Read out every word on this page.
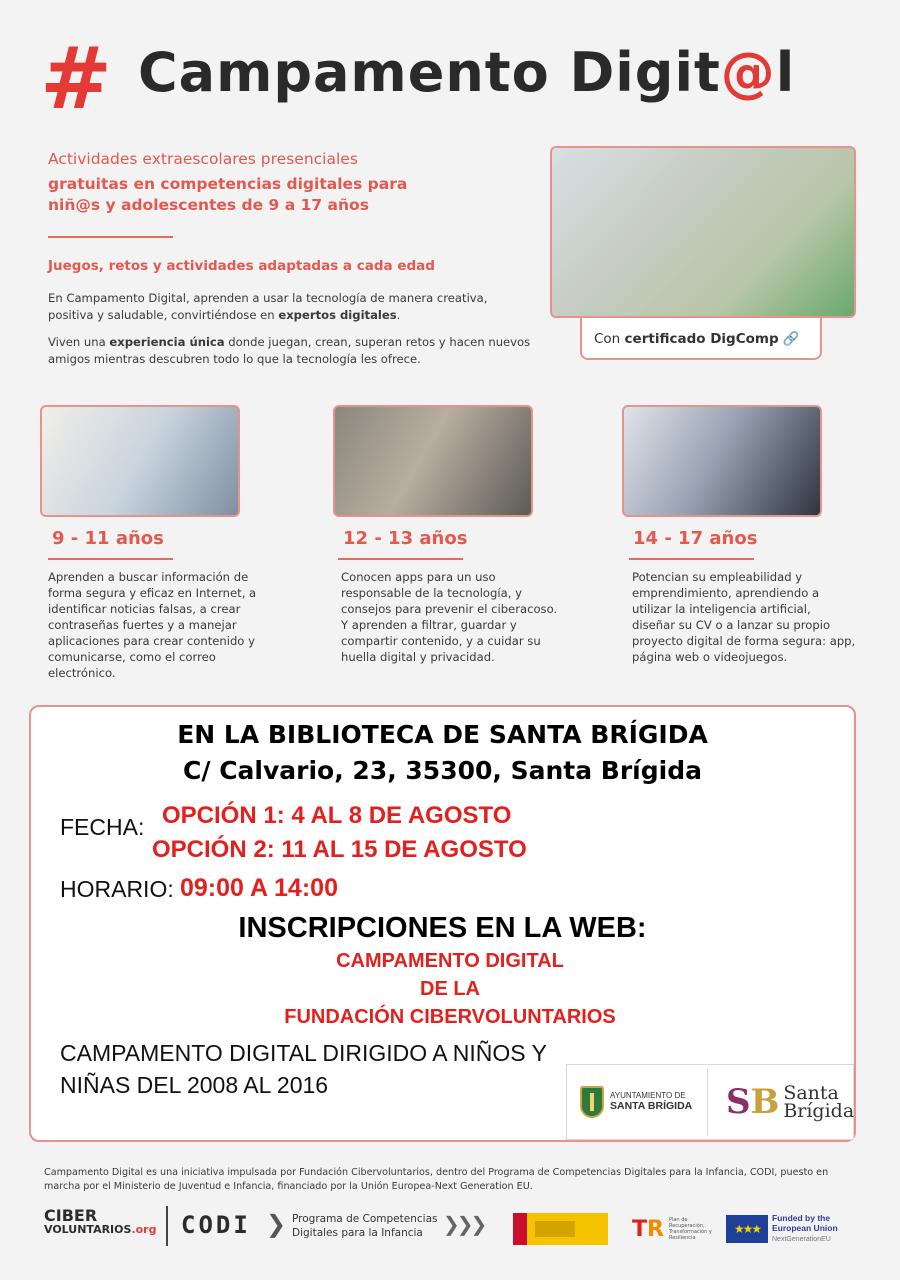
# Campamento Digit@l
Actividades extraescolares presenciales
gratuitas en competencias digitales para niñ@s y adolescentes de 9 a 17 años
Juegos, retos y actividades adaptadas a cada edad
En Campamento Digital, aprenden a usar la tecnología de manera creativa, positiva y saludable, convirtiéndose en expertos digitales.
Viven una experiencia única donde juegan, crean, superan retos y hacen nuevos amigos mientras descubren todo lo que la tecnología les ofrece.
Con certificado DigComp 🔗
9 - 11 años
Aprenden a buscar información de forma segura y eficaz en Internet, a identificar noticias falsas, a crear contraseñas fuertes y a manejar aplicaciones para crear contenido y comunicarse, como el correo electrónico.
12 - 13 años
Conocen apps para un uso responsable de la tecnología, y consejos para prevenir el ciberacoso. Y aprenden a filtrar, guardar y compartir contenido, y a cuidar su huella digital y privacidad.
14 - 17 años
Potencian su empleabilidad y emprendimiento, aprendiendo a utilizar la inteligencia artificial, diseñar su CV o a lanzar su propio proyecto digital de forma segura: app, página web o videojuegos.
EN LA BIBLIOTECA DE SANTA BRÍGIDA
C/ Calvario, 23, 35300, Santa Brígida
FECHA: OPCIÓN 1: 4 AL 8 DE AGOSTO
OPCIÓN 2: 11 AL 15 DE AGOSTO
HORARIO: 09:00 A 14:00
INSCRIPCIONES EN LA WEB:
CAMPAMENTO DIGITAL
DE LA
FUNDACIÓN CIBERVOLUNTARIOS
CAMPAMENTO DIGITAL DIRIGIDO A NIÑOS Y
NIÑAS DEL 2008 AL 2016	AYUNTAMIENTO DE
SANTA BRÍGIDA SB Santa
Brígida
Campamento Digital es una iniciativa impulsada por Fundación Cibervoluntarios, dentro del Programa de Competencias Digitales para la Infancia, CODI, puesto en marcha por el Ministerio de Juventud e Infancia, financiado por la Unión Europea-Next Generation EU.
CIBER
VOLUNTARIOS.org CODI ❯ Programa de Competencias
Digitales para la Infancia	❯❯❯	TR Plan de Recuperación, Transformación y Resiliencia
★★★
Funded by the
European Union
NextGenerationEU
